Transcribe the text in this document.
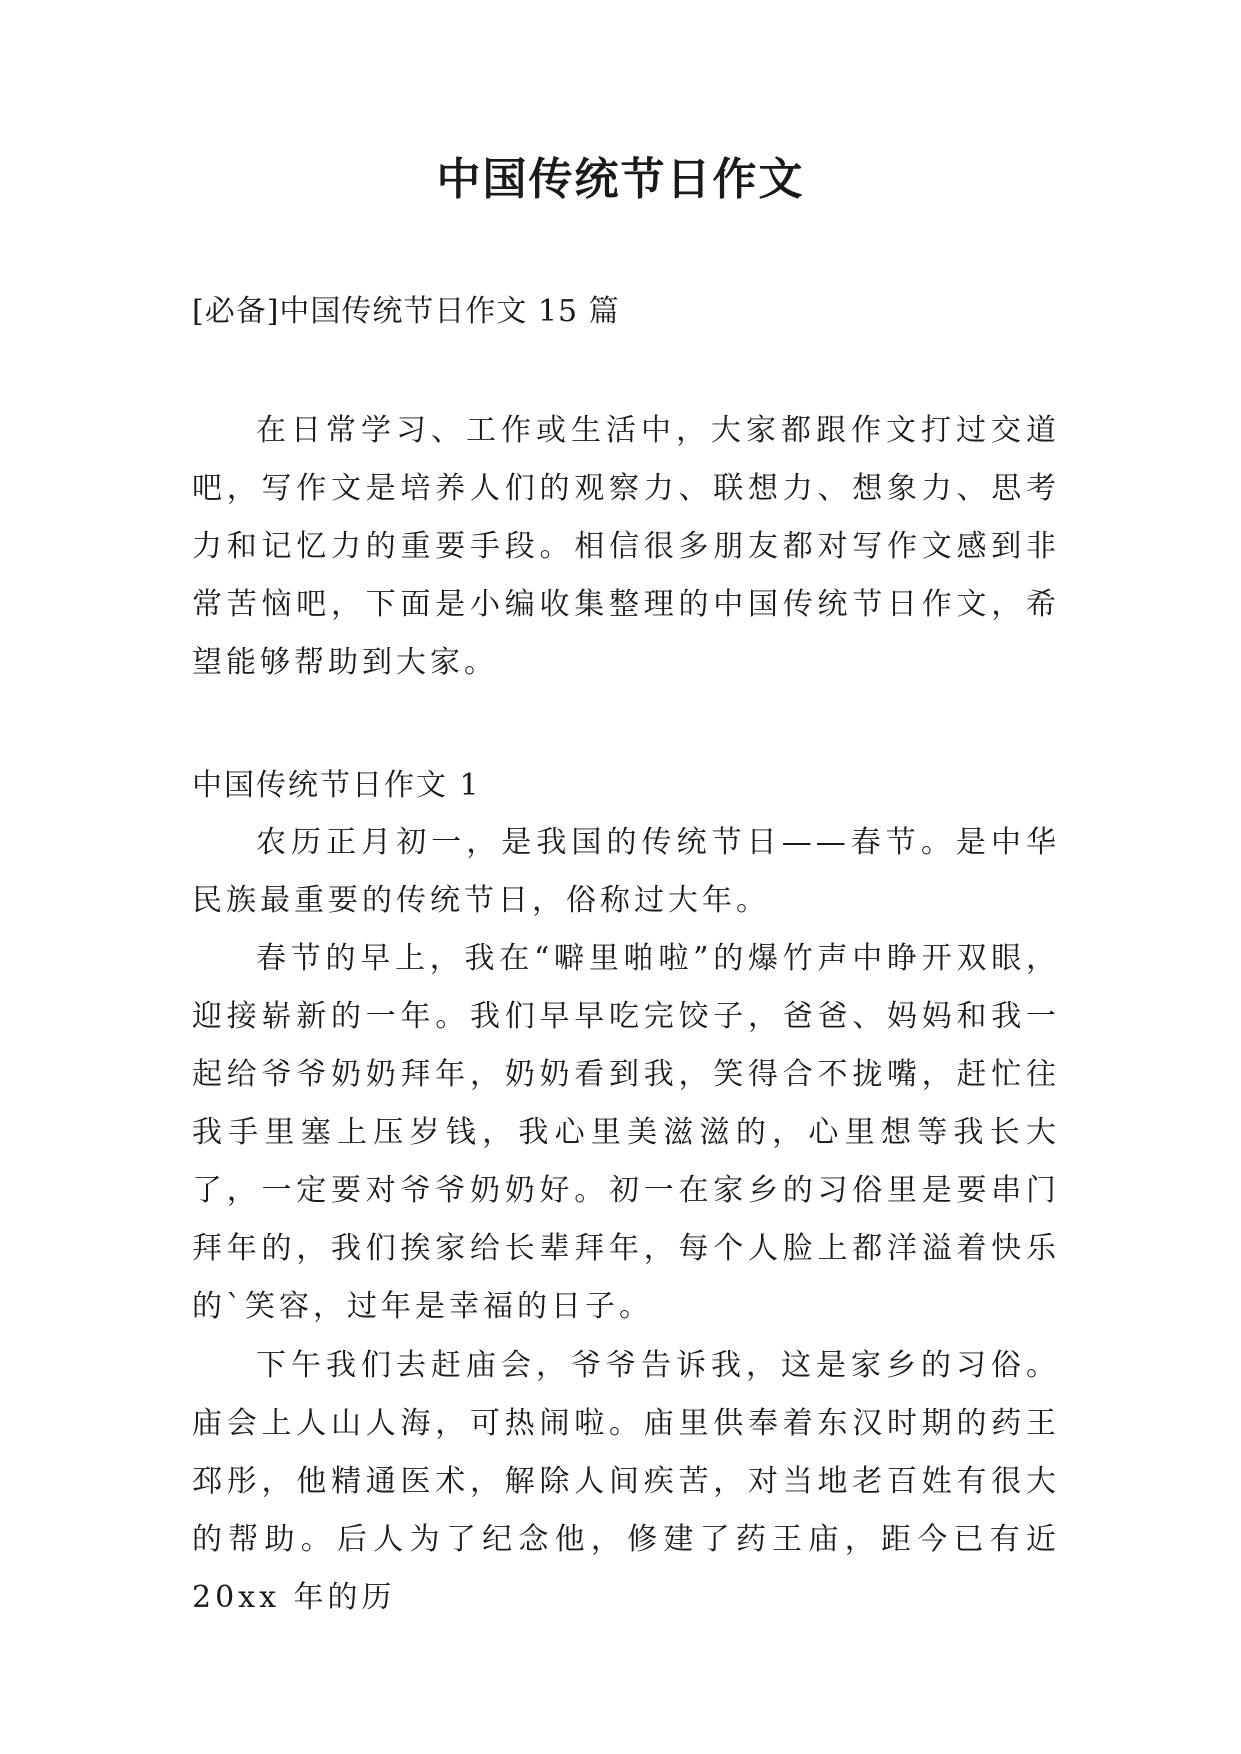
中国传统节日作文

[必备]中国传统节日作文 15 篇

在日常学习、工作或生活中，大家都跟作文打过交道吧，写作文是培养人们的观察力、联想力、想象力、思考力和记忆力的重要手段。相信很多朋友都对写作文感到非常苦恼吧，下面是小编收集整理的中国传统节日作文，希望能够帮助到大家。

中国传统节日作文 1

农历正月初一，是我国的传统节日——春节。是中华民族最重要的传统节日，俗称过大年。

春节的早上，我在“噼里啪啦”的爆竹声中睁开双眼，迎接崭新的一年。我们早早吃完饺子，爸爸、妈妈和我一起给爷爷奶奶拜年，奶奶看到我，笑得合不拢嘴，赶忙往我手里塞上压岁钱，我心里美滋滋的，心里想等我长大了，一定要对爷爷奶奶好。初一在家乡的习俗里是要串门拜年的，我们挨家给长辈拜年，每个人脸上都洋溢着快乐的`笑容，过年是幸福的日子。

下午我们去赶庙会，爷爷告诉我，这是家乡的习俗。庙会上人山人海，可热闹啦。庙里供奉着东汉时期的药王邳彤，他精通医术，解除人间疾苦，对当地老百姓有很大的帮助。后人为了纪念他，修建了药王庙，距今已有近 20xx 年的历
